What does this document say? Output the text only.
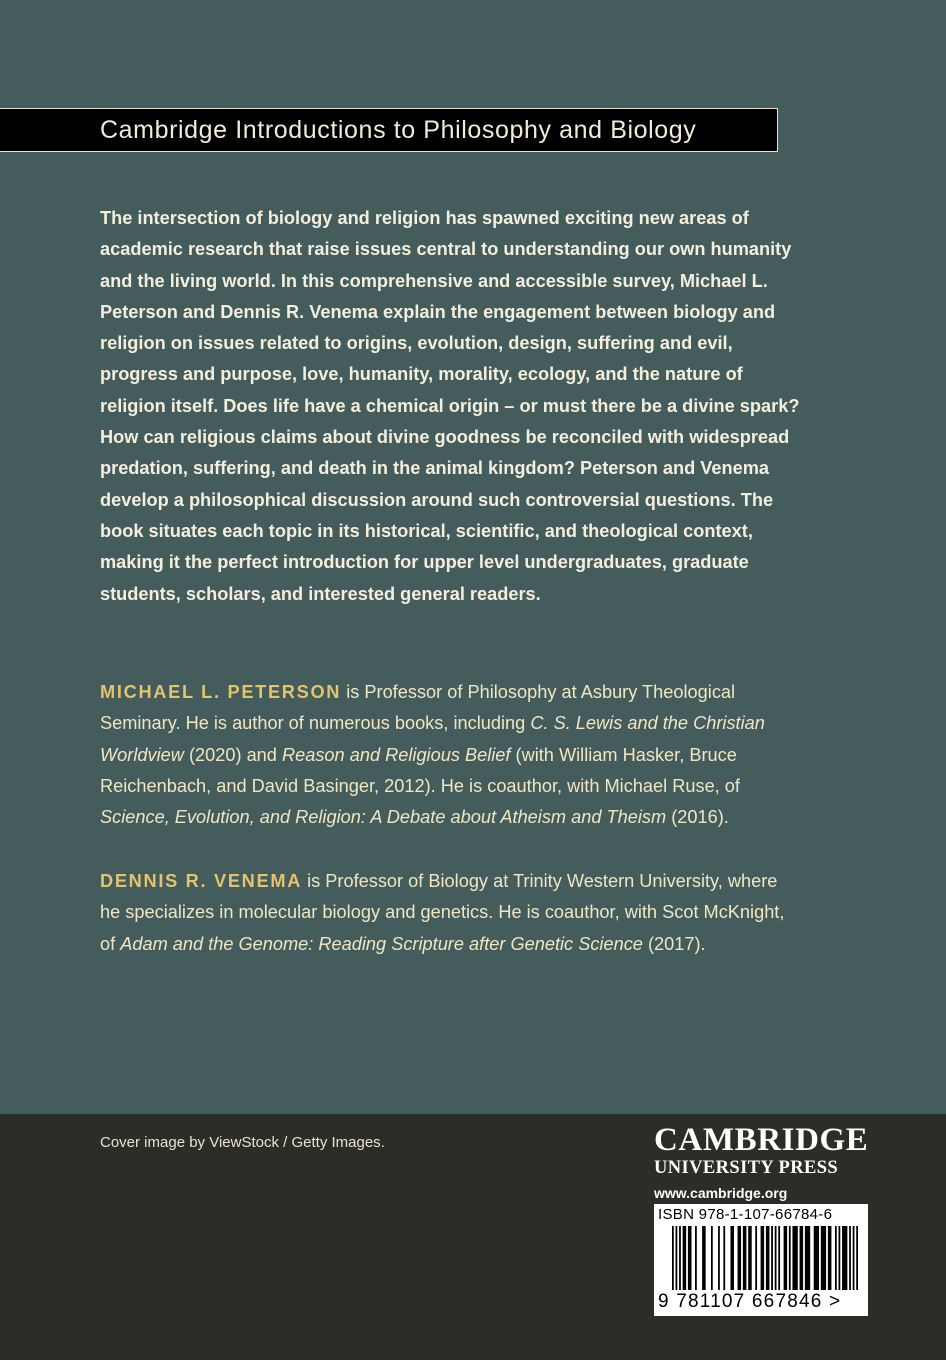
Cambridge Introductions to Philosophy and Biology

The intersection of biology and religion has spawned exciting new areas of academic research that raise issues central to understanding our own humanity and the living world. In this comprehensive and accessible survey, Michael L. Peterson and Dennis R. Venema explain the engagement between biology and religion on issues related to origins, evolution, design, suffering and evil, progress and purpose, love, humanity, morality, ecology, and the nature of religion itself. Does life have a chemical origin – or must there be a divine spark? How can religious claims about divine goodness be reconciled with widespread predation, suffering, and death in the animal kingdom? Peterson and Venema develop a philosophical discussion around such controversial questions. The book situates each topic in its historical, scientific, and theological context, making it the perfect introduction for upper level undergraduates, graduate students, scholars, and interested general readers.

MICHAEL L. PETERSON is Professor of Philosophy at Asbury Theological Seminary. He is author of numerous books, including C. S. Lewis and the Christian Worldview (2020) and Reason and Religious Belief (with William Hasker, Bruce Reichenbach, and David Basinger, 2012). He is coauthor, with Michael Ruse, of Science, Evolution, and Religion: A Debate about Atheism and Theism (2016).

DENNIS R. VENEMA is Professor of Biology at Trinity Western University, where he specializes in molecular biology and genetics. He is coauthor, with Scot McKnight, of Adam and the Genome: Reading Scripture after Genetic Science (2017).

Cover image by ViewStock / Getty Images.	CAMBRIDGE
UNIVERSITY PRESS
www.cambridge.org
ISBN 978-1-107-66784-6
9 781107 667846 >
